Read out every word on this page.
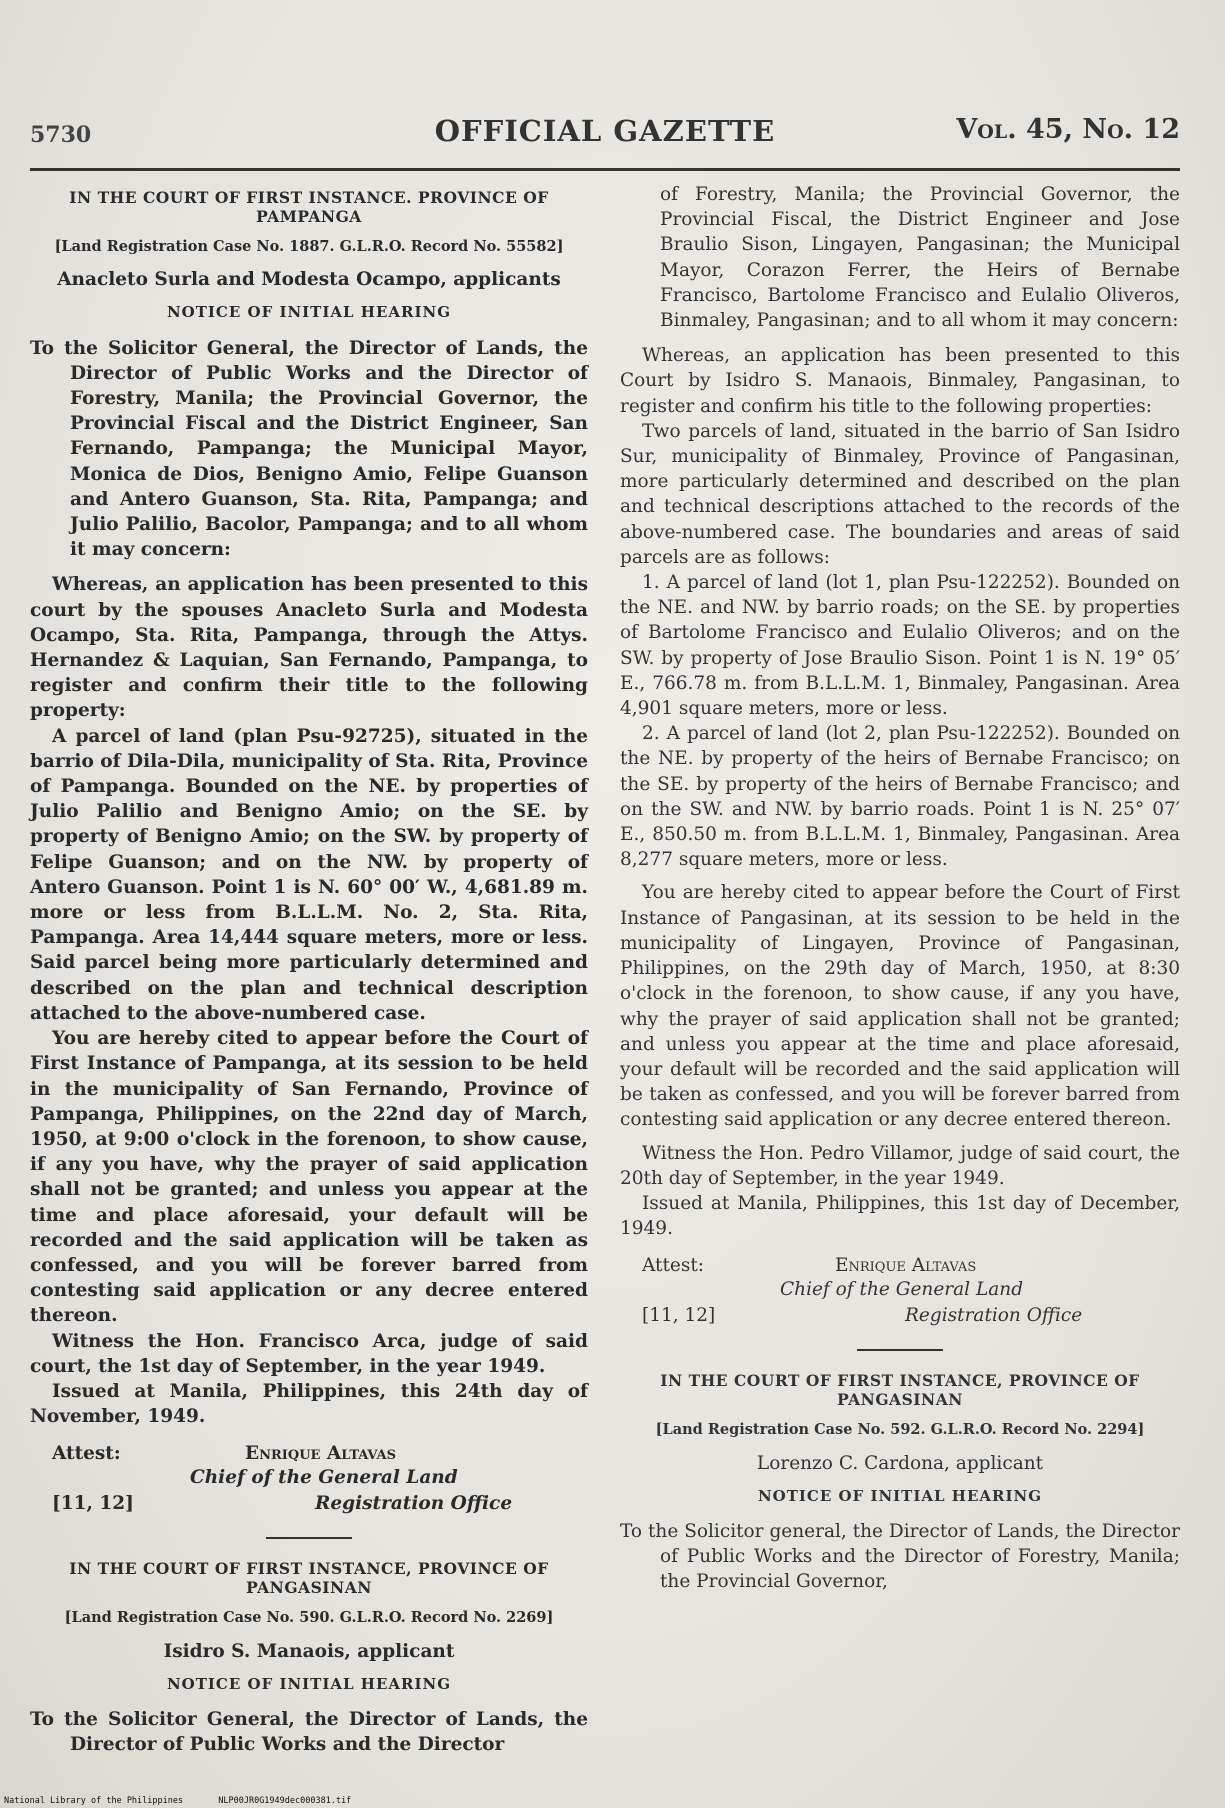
5730	OFFICIAL GAZETTE	Vol. 45, No. 12
IN THE COURT OF FIRST INSTANCE. PROVINCE OF PAMPANGA
[Land Registration Case No. 1887. G.L.R.O. Record No. 55582]
Anacleto Surla and Modesta Ocampo, applicants
NOTICE OF INITIAL HEARING
To the Solicitor General, the Director of Lands, the Director of Public Works and the Director of Forestry, Manila; the Provincial Governor, the Provincial Fiscal and the District Engineer, San Fernando, Pampanga; the Municipal Mayor, Monica de Dios, Benigno Amio, Felipe Guanson and Antero Guanson, Sta. Rita, Pampanga; and Julio Palilio, Bacolor, Pampanga; and to all whom it may concern:

Whereas, an application has been presented to this court by the spouses Anacleto Surla and Modesta Ocampo, Sta. Rita, Pampanga, through the Attys. Hernandez & Laquian, San Fernando, Pampanga, to register and confirm their title to the following property:

A parcel of land (plan Psu-92725), situated in the barrio of Dila-Dila, municipality of Sta. Rita, Province of Pampanga. Bounded on the NE. by properties of Julio Palilio and Benigno Amio; on the SE. by property of Benigno Amio; on the SW. by property of Felipe Guanson; and on the NW. by property of Antero Guanson. Point 1 is N. 60° 00′ W., 4,681.89 m. more or less from B.L.L.M. No. 2, Sta. Rita, Pampanga. Area 14,444 square meters, more or less. Said parcel being more particularly determined and described on the plan and technical description attached to the above-numbered case.

You are hereby cited to appear before the Court of First Instance of Pampanga, at its session to be held in the municipality of San Fernando, Province of Pampanga, Philippines, on the 22nd day of March, 1950, at 9:00 o'clock in the forenoon, to show cause, if any you have, why the prayer of said application shall not be granted; and unless you appear at the time and place aforesaid, your default will be recorded and the said application will be taken as confessed, and you will be forever barred from contesting said application or any decree entered thereon.

Witness the Hon. Francisco Arca, judge of said court, the 1st day of September, in the year 1949.

Issued at Manila, Philippines, this 24th day of November, 1949.

Attest:	Enrique Altavas
Chief of the General Land
[11, 12]	Registration Office
IN THE COURT OF FIRST INSTANCE, PROVINCE OF PANGASINAN
[Land Registration Case No. 590. G.L.R.O. Record No. 2269]
Isidro S. Manaois, applicant
NOTICE OF INITIAL HEARING
To the Solicitor General, the Director of Lands, the Director of Public Works and the Director
of Forestry, Manila; the Provincial Governor, the Provincial Fiscal, the District Engineer and Jose Braulio Sison, Lingayen, Pangasinan; the Municipal Mayor, Corazon Ferrer, the Heirs of Bernabe Francisco, Bartolome Francisco and Eulalio Oliveros, Binmaley, Pangasinan; and to all whom it may concern:

Whereas, an application has been presented to this Court by Isidro S. Manaois, Binmaley, Pangasinan, to register and confirm his title to the following properties:

Two parcels of land, situated in the barrio of San Isidro Sur, municipality of Binmaley, Province of Pangasinan, more particularly determined and described on the plan and technical descriptions attached to the records of the above-numbered case. The boundaries and areas of said parcels are as follows:

1. A parcel of land (lot 1, plan Psu-122252). Bounded on the NE. and NW. by barrio roads; on the SE. by properties of Bartolome Francisco and Eulalio Oliveros; and on the SW. by property of Jose Braulio Sison. Point 1 is N. 19° 05′ E., 766.78 m. from B.L.L.M. 1, Binmaley, Pangasinan. Area 4,901 square meters, more or less.

2. A parcel of land (lot 2, plan Psu-122252). Bounded on the NE. by property of the heirs of Bernabe Francisco; on the SE. by property of the heirs of Bernabe Francisco; and on the SW. and NW. by barrio roads. Point 1 is N. 25° 07′ E., 850.50 m. from B.L.L.M. 1, Binmaley, Pangasinan. Area 8,277 square meters, more or less.

You are hereby cited to appear before the Court of First Instance of Pangasinan, at its session to be held in the municipality of Lingayen, Province of Pangasinan, Philippines, on the 29th day of March, 1950, at 8:30 o'clock in the forenoon, to show cause, if any you have, why the prayer of said application shall not be granted; and unless you appear at the time and place aforesaid, your default will be recorded and the said application will be taken as confessed, and you will be forever barred from contesting said application or any decree entered thereon.

Witness the Hon. Pedro Villamor, judge of said court, the 20th day of September, in the year 1949.

Issued at Manila, Philippines, this 1st day of December, 1949.

Attest:	Enrique Altavas
Chief of the General Land
[11, 12]	Registration Office
IN THE COURT OF FIRST INSTANCE, PROVINCE OF PANGASINAN
[Land Registration Case No. 592. G.L.R.O. Record No. 2294]
Lorenzo C. Cardona, applicant
NOTICE OF INITIAL HEARING
To the Solicitor general, the Director of Lands, the Director of Public Works and the Director of Forestry, Manila; the Provincial Governor,
National Library of the Philippines	NLP00JR0G1949dec000381.tif
